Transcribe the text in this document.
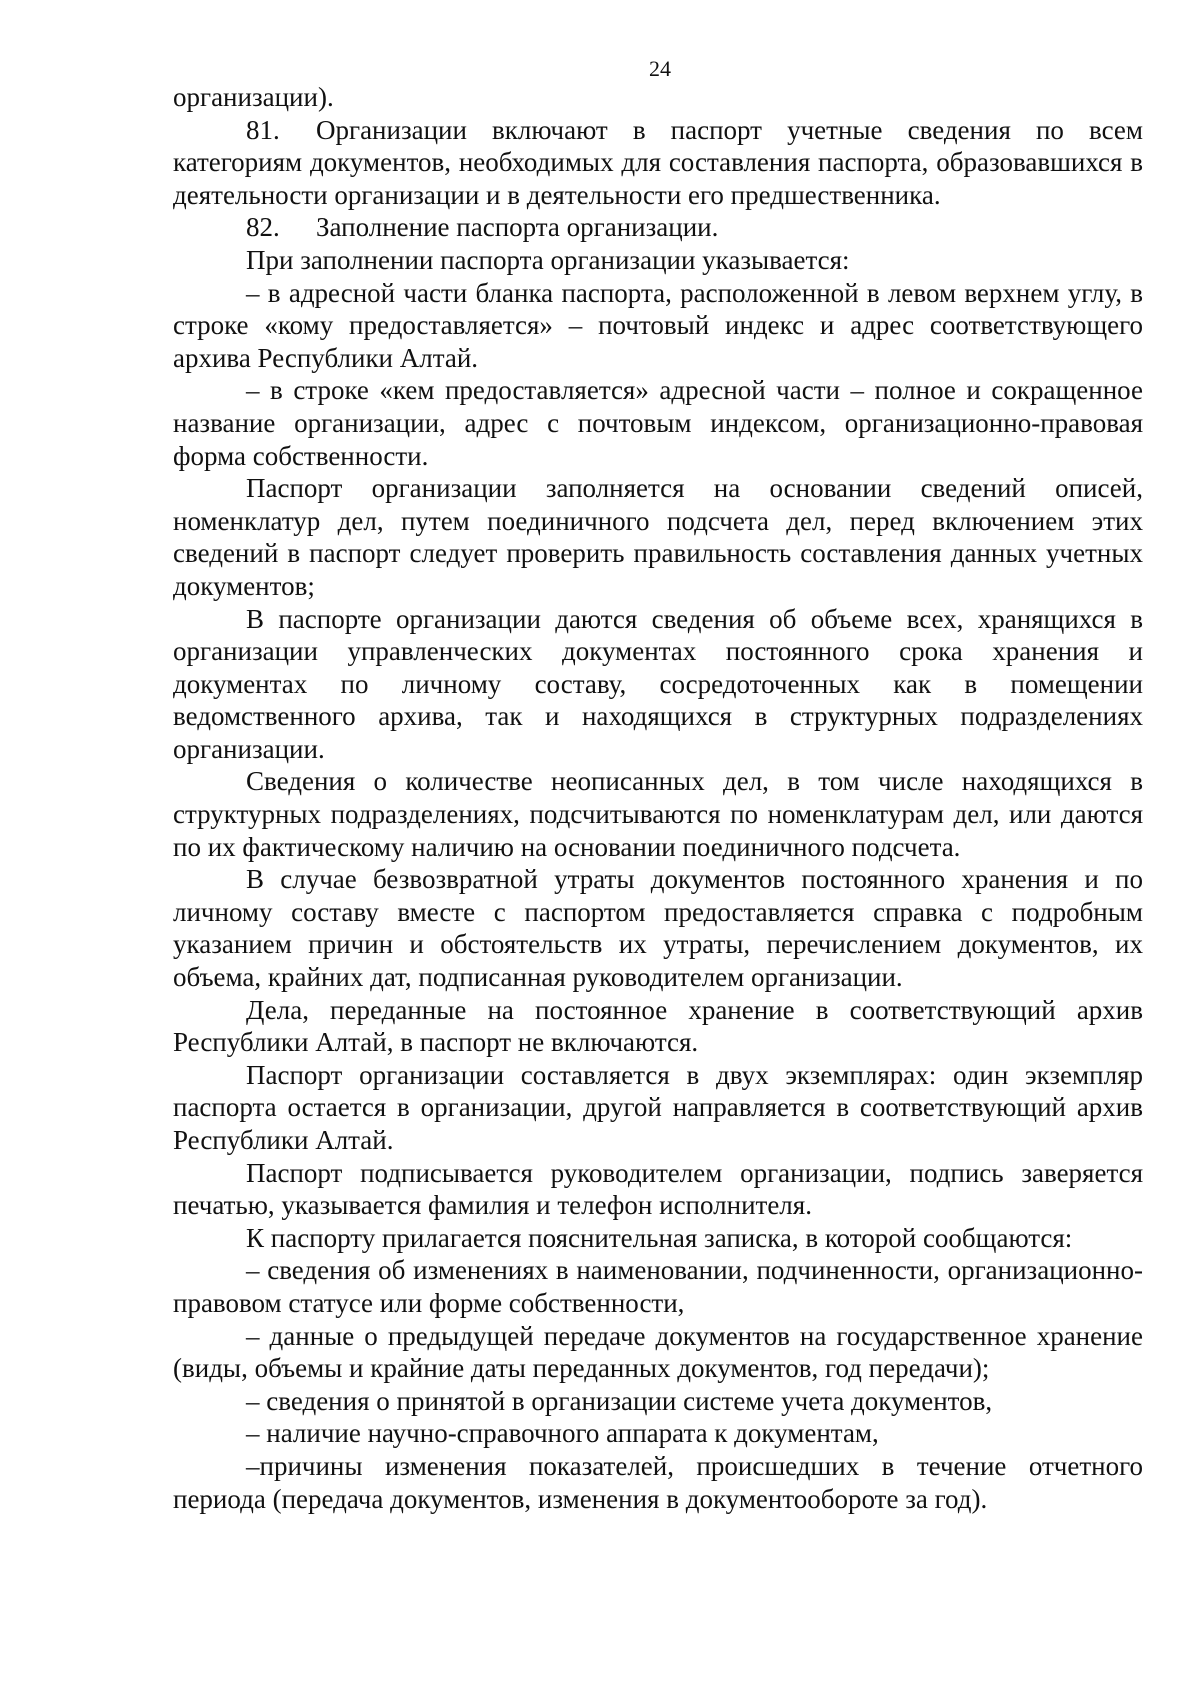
24

организации).

81. Организации включают в паспорт учетные сведения по всем категориям документов, необходимых для составления паспорта, образовавшихся в деятельности организации и в деятельности его предшественника.

82. Заполнение паспорта организации.

При заполнении паспорта организации указывается:

– в адресной части бланка паспорта, расположенной в левом верхнем углу, в строке «кому предоставляется» – почтовый индекс и адрес соответствующего архива Республики Алтай.

– в строке «кем предоставляется» адресной части – полное и сокращенное название организации, адрес с почтовым индексом, организационно-правовая форма собственности.

Паспорт организации заполняется на основании сведений описей, номенклатур дел, путем поединичного подсчета дел, перед включением этих сведений в паспорт следует проверить правильность составления данных учетных документов;

В паспорте организации даются сведения об объеме всех, хранящихся в организации управленческих документах постоянного срока хранения и документах по личному составу, сосредоточенных как в помещении ведомственного архива, так и находящихся в структурных подразделениях организации.

Сведения о количестве неописанных дел, в том числе находящихся в структурных подразделениях, подсчитываются по номенклатурам дел, или даются по их фактическому наличию на основании поединичного подсчета.

В случае безвозвратной утраты документов постоянного хранения и по личному составу вместе с паспортом предоставляется справка с подробным указанием причин и обстоятельств их утраты, перечислением документов, их объема, крайних дат, подписанная руководителем организации.

Дела, переданные на постоянное хранение в соответствующий архив Республики Алтай, в паспорт не включаются.

Паспорт организации составляется в двух экземплярах: один экземпляр паспорта остается в организации, другой направляется в соответствующий архив Республики Алтай.

Паспорт подписывается руководителем организации, подпись заверяется печатью, указывается фамилия и телефон исполнителя.

К паспорту прилагается пояснительная записка, в которой сообщаются:

– сведения об изменениях в наименовании, подчиненности, организационно-правовом статусе или форме собственности,

– данные о предыдущей передаче документов на государственное хранение (виды, объемы и крайние даты переданных документов, год передачи);

– сведения о принятой в организации системе учета документов,

– наличие научно-справочного аппарата к документам,

–причины изменения показателей, происшедших в течение отчетного периода (передача документов, изменения в документообороте за год).
